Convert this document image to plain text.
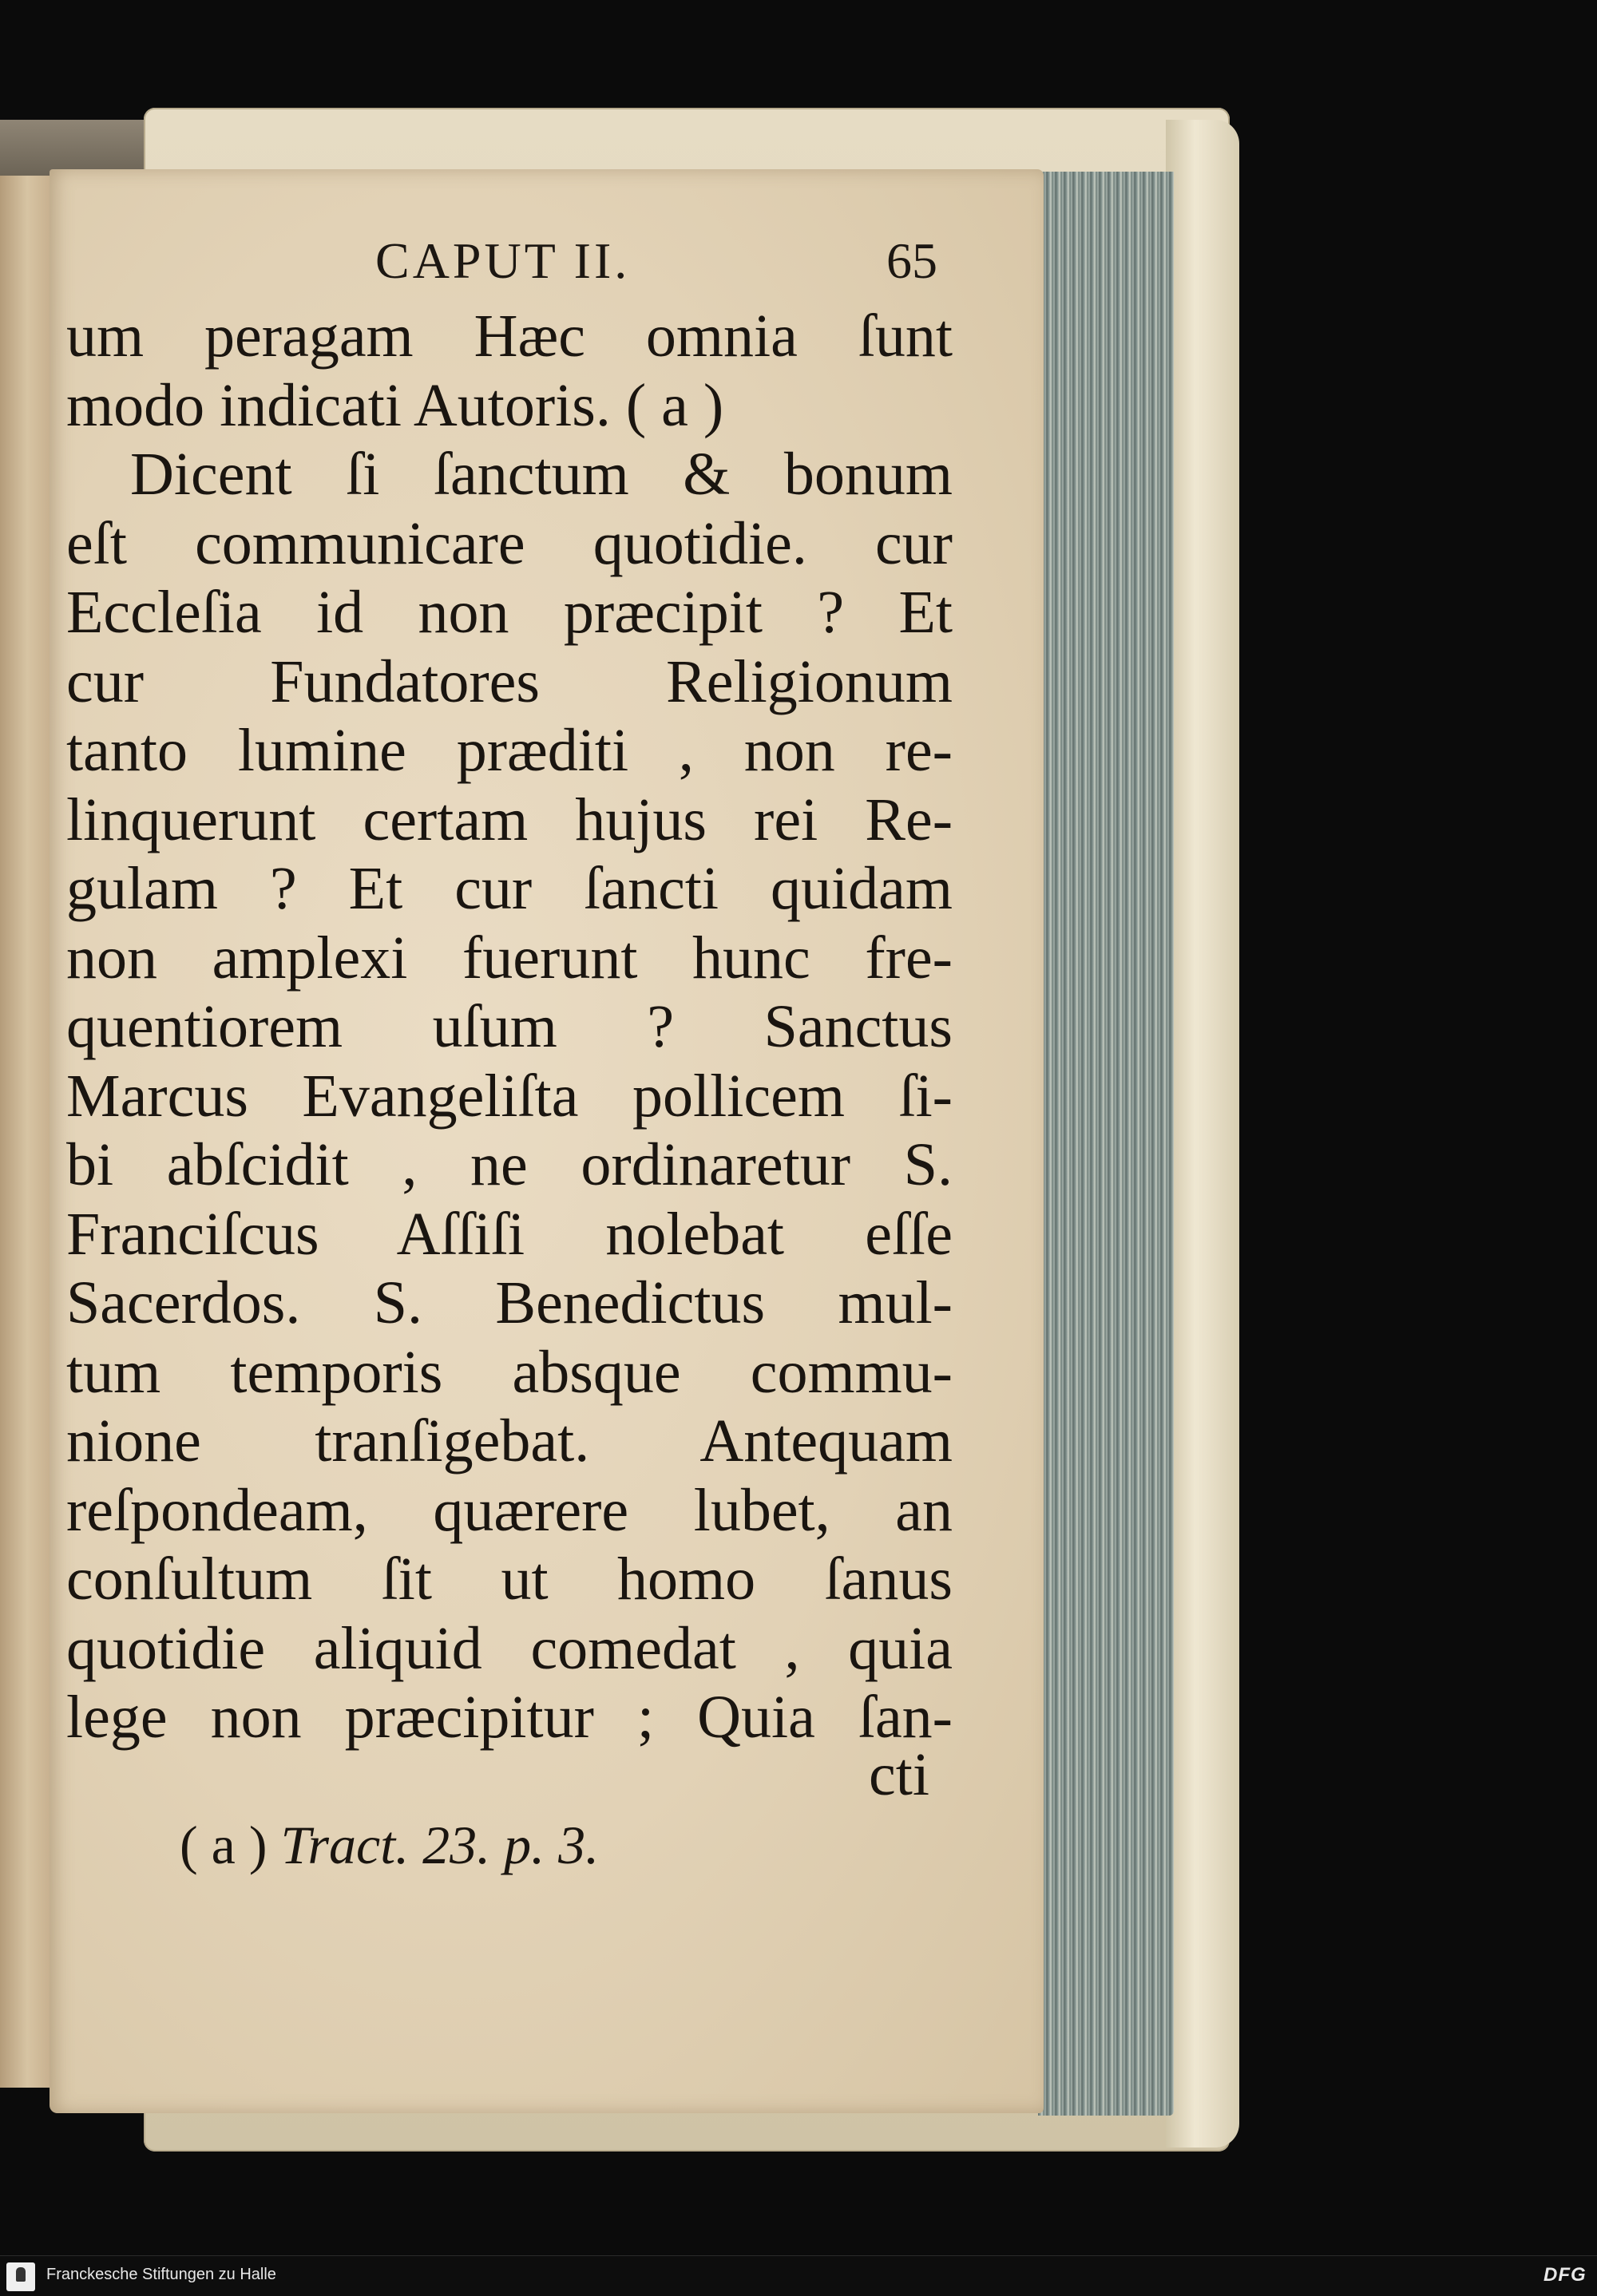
CAPUT II.	65
um peragam Hæc omnia ſunt
modo indicati Autoris. ( a )
Dicent ſi ſanctum & bonum
eſt communicare quotidie. cur
Eccleſia id non præcipit ? Et
cur Fundatores Religionum
tanto lumine præditi , non re-
linquerunt certam hujus rei Re-
gulam ? Et cur ſancti quidam
non amplexi fuerunt hunc fre-
quentiorem uſum ? Sanctus
Marcus Evangeliſta pollicem ſi-
bi abſcidit , ne ordinaretur S.
Franciſcus Aſſiſi nolebat eſſe
Sacerdos. S. Benedictus mul-
tum temporis absque commu-
nione tranſigebat. Antequam
reſpondeam, quærere lubet, an
conſultum ſit ut homo ſanus
quotidie aliquid comedat , quia
lege non præcipitur ; Quia ſan-
cti
( a ) Tract. 23. p. 3.
Franckesche Stiftungen zu Halle	DFG
